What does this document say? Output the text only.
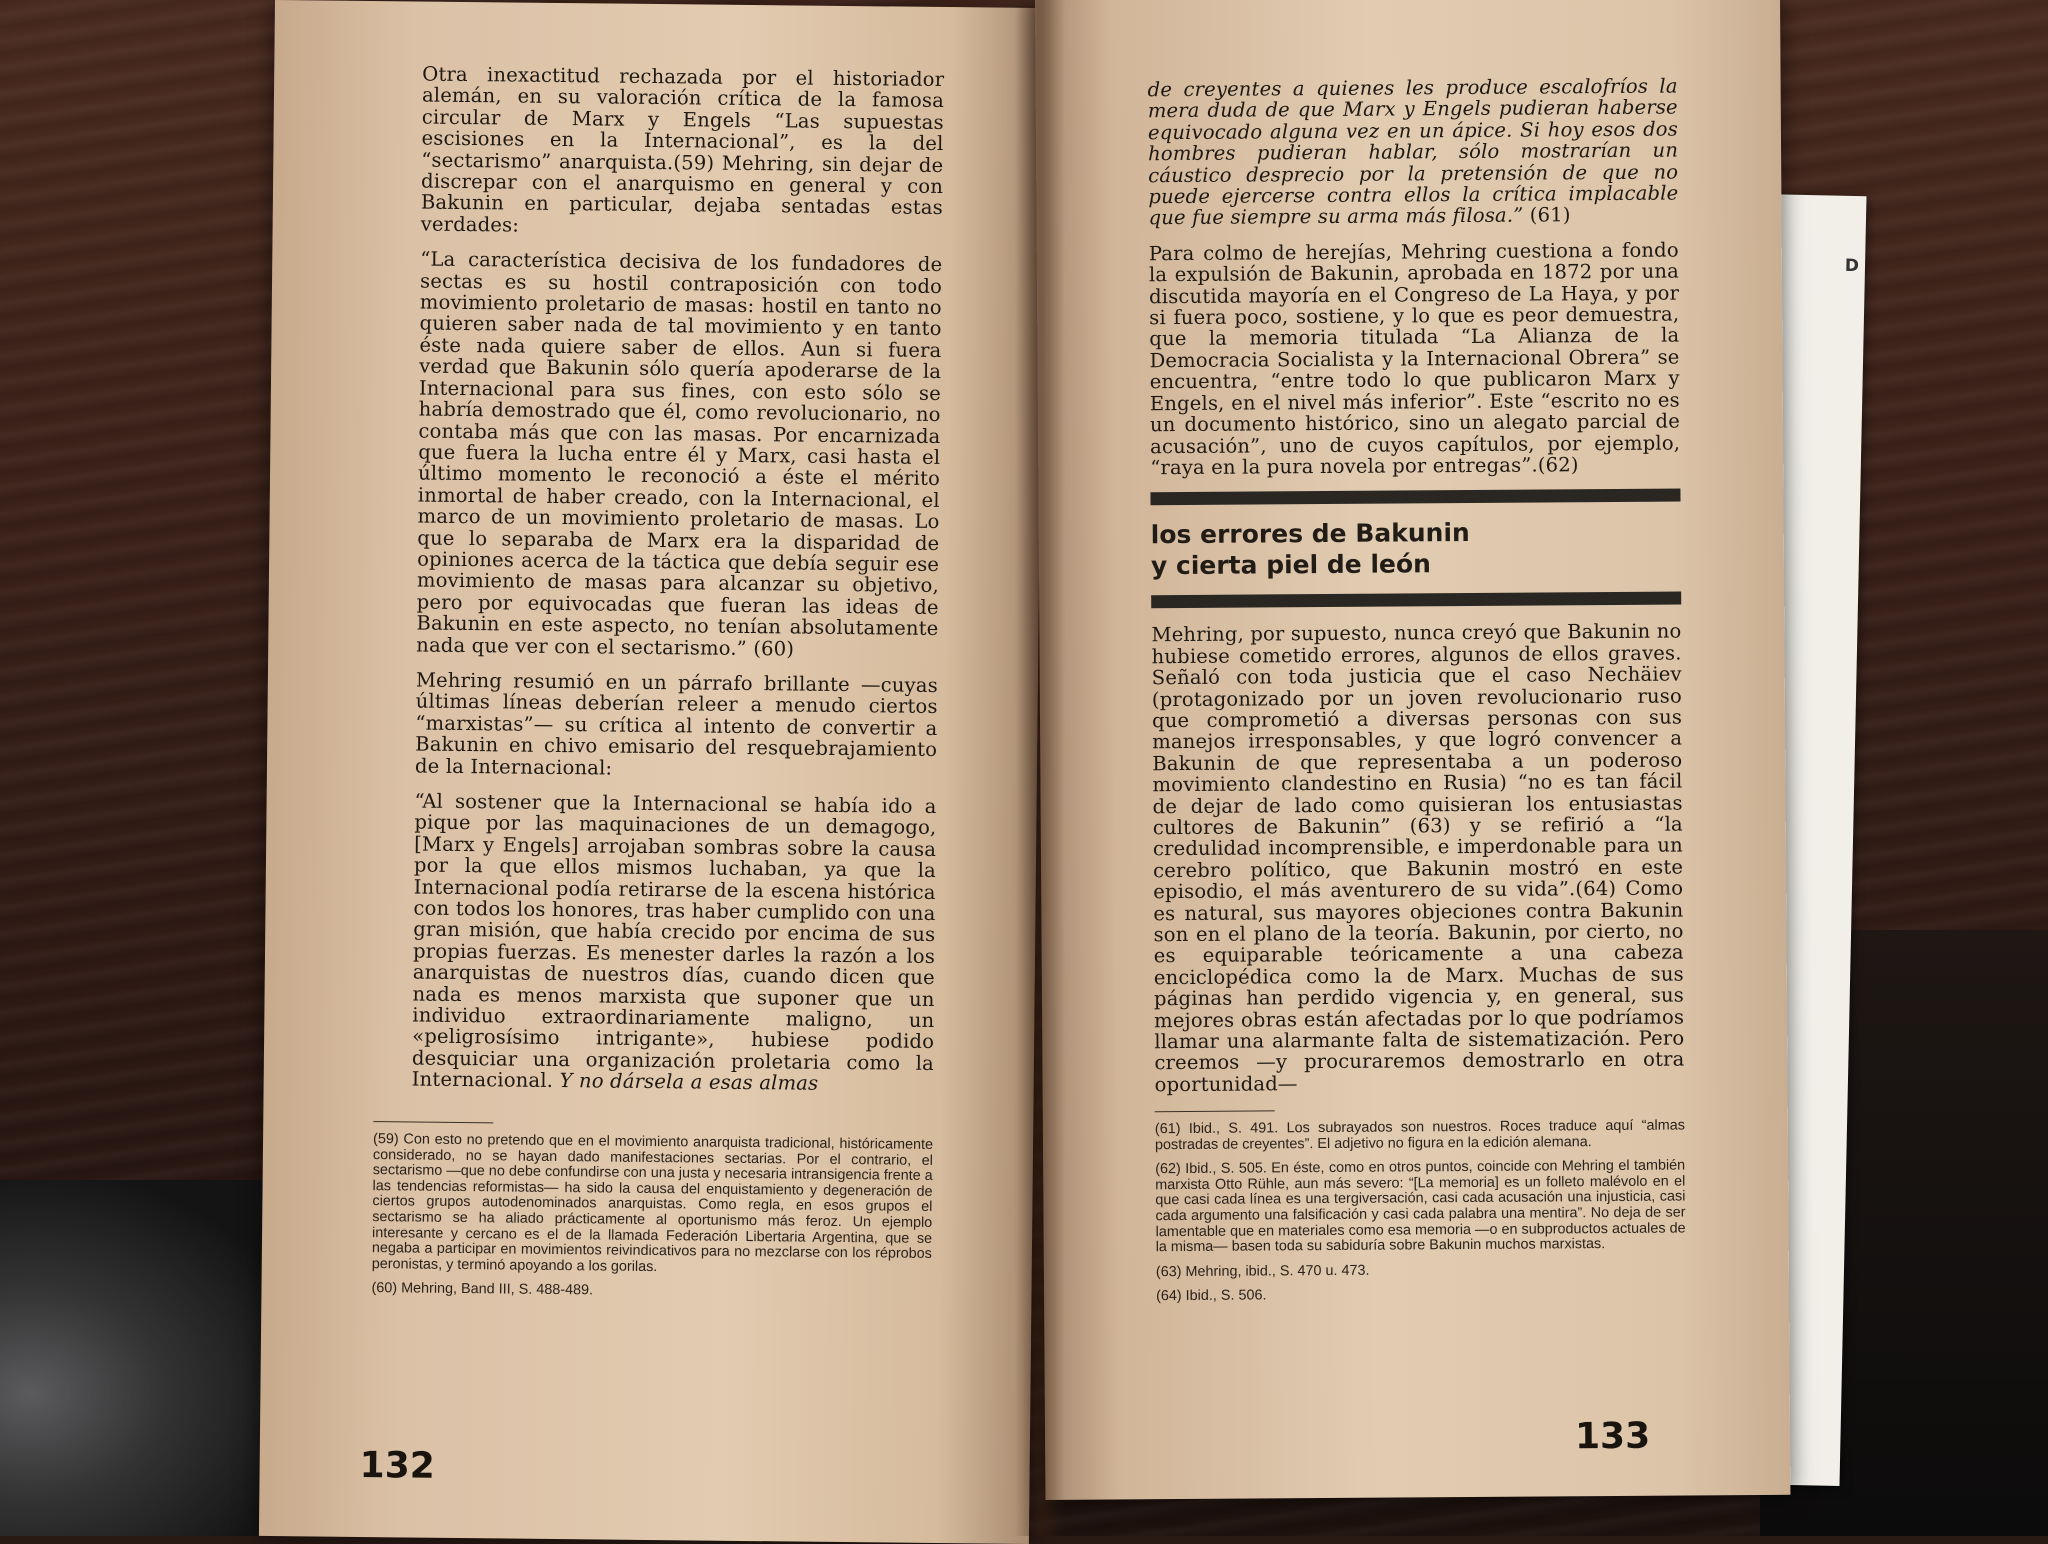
D

Otra inexactitud rechazada por el historiador alemán, en su valoración crítica de la famosa circular de Marx y Engels “Las supuestas escisiones en la Internacional”, es la del “sectarismo” anarquista.(59) Mehring, sin dejar de discrepar con el anarquismo en general y con Bakunin en particular, dejaba sentadas estas verdades:

“La característica decisiva de los fundadores de sectas es su hostil contraposición con todo movimiento proletario de masas: hostil en tanto no quieren saber nada de tal movimiento y en tanto éste nada quiere saber de ellos. Aun si fuera verdad que Bakunin sólo quería apoderarse de la Internacional para sus fines, con esto sólo se habría demostrado que él, como revolucionario, no contaba más que con las masas. Por encarnizada que fuera la lucha entre él y Marx, casi hasta el último momento le reconoció a éste el mérito inmortal de haber creado, con la Internacional, el marco de un movimiento proletario de masas. Lo que lo separaba de Marx era la disparidad de opiniones acerca de la táctica que debía seguir ese movimiento de masas para alcanzar su objetivo, pero por equivocadas que fueran las ideas de Bakunin en este aspecto, no tenían absolutamente nada que ver con el sectarismo.” (60)

Mehring resumió en un párrafo brillante —cuyas últimas líneas deberían releer a menudo ciertos “marxistas”— su crítica al intento de convertir a Bakunin en chivo emisario del resquebrajamiento de la Internacional:

“Al sostener que la Internacional se había ido a pique por las maquinaciones de un demagogo, [Marx y Engels] arrojaban sombras sobre la causa por la que ellos mismos luchaban, ya que la Internacional podía retirarse de la escena histórica con todos los honores, tras haber cumplido con una gran misión, que había crecido por encima de sus propias fuerzas. Es menester darles la razón a los anarquistas de nuestros días, cuando dicen que nada es menos marxista que suponer que un individuo extraordinariamente maligno, un «peligrosísimo intrigante», hubiese podido desquiciar una organización proletaria como la Internacional. Y no dársela a esas almas

(59) Con esto no pretendo que en el movimiento anarquista tradicional, históricamente considerado, no se hayan dado manifestaciones sectarias. Por el contrario, el sectarismo —que no debe confundirse con una justa y necesaria intransigencia frente a las tendencias reformistas— ha sido la causa del enquistamiento y degeneración de ciertos grupos autodenominados anarquistas. Como regla, en esos grupos el sectarismo se ha aliado prácticamente al oportunismo más feroz. Un ejemplo interesante y cercano es el de la llamada Federación Libertaria Argentina, que se negaba a participar en movimientos reivindicativos para no mezclarse con los réprobos peronistas, y terminó apoyando a los gorilas.

(60) Mehring, Band III, S. 488-489.

132

de creyentes a quienes les produce escalofríos la mera duda de que Marx y Engels pudieran haberse equivocado alguna vez en un ápice. Si hoy esos dos hombres pudieran hablar, sólo mostrarían un cáustico desprecio por la pretensión de que no puede ejercerse contra ellos la crítica implacable que fue siempre su arma más filosa.” (61)

Para colmo de herejías, Mehring cuestiona a fondo la expulsión de Bakunin, aprobada en 1872 por una discutida mayoría en el Congreso de La Haya, y por si fuera poco, sostiene, y lo que es peor demuestra, que la memoria titulada “La Alianza de la Democracia Socialista y la Internacional Obrera” se encuentra, “entre todo lo que publicaron Marx y Engels, en el nivel más inferior”. Este “escrito no es un documento histórico, sino un alegato parcial de acusación”, uno de cuyos capítulos, por ejemplo, “raya en la pura novela por entregas”.(62)

los errores de Bakunin
y cierta piel de león

Mehring, por supuesto, nunca creyó que Bakunin no hubiese cometido errores, algunos de ellos graves. Señaló con toda justicia que el caso Nechäiev (protagonizado por un joven revolucionario ruso que comprometió a diversas personas con sus manejos irresponsables, y que logró convencer a Bakunin de que representaba a un poderoso movimiento clandestino en Rusia) “no es tan fácil de dejar de lado como quisieran los entusiastas cultores de Bakunin” (63) y se refirió a “la credulidad incomprensible, e imperdonable para un cerebro político, que Bakunin mostró en este episodio, el más aventurero de su vida”.(64) Como es natural, sus mayores objeciones contra Bakunin son en el plano de la teoría. Bakunin, por cierto, no es equiparable teóricamente a una cabeza enciclopédica como la de Marx. Muchas de sus páginas han perdido vigencia y, en general, sus mejores obras están afectadas por lo que podríamos llamar una alarmante falta de sistematización. Pero creemos —y procuraremos demostrarlo en otra oportunidad—

(61) Ibid., S. 491. Los subrayados son nuestros. Roces traduce aquí “almas postradas de creyentes”. El adjetivo no figura en la edición alemana.

(62) Ibid., S. 505. En éste, como en otros puntos, coincide con Mehring el también marxista Otto Rühle, aun más severo: “[La memoria] es un folleto malévolo en el que casi cada línea es una tergiversación, casi cada acusación una injusticia, casi cada argumento una falsificación y casi cada palabra una mentira”. No deja de ser lamentable que en materiales como esa memoria —o en subproductos actuales de la misma— basen toda su sabiduría sobre Bakunin muchos marxistas.

(63) Mehring, ibid., S. 470 u. 473.

(64) Ibid., S. 506.

133
